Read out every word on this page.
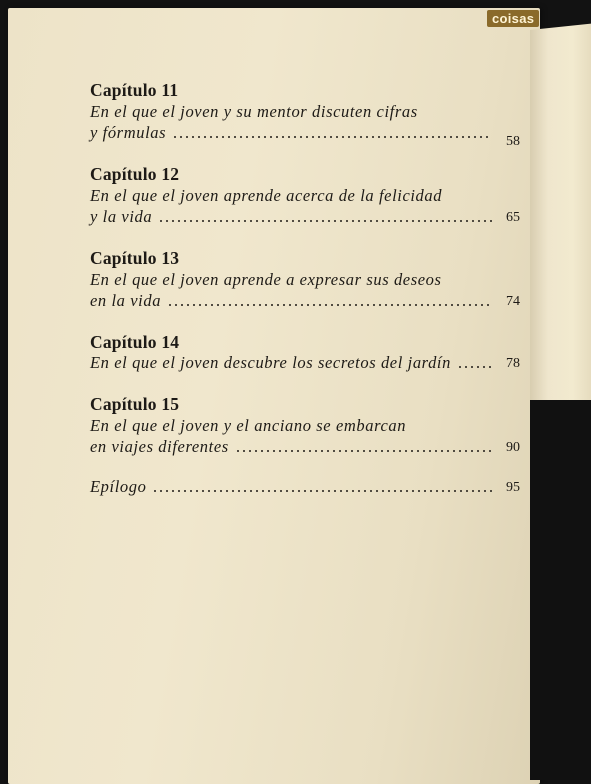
coisas
Capítulo 11
En el que el joven y su mentor discuten cifras
y fórmulas	58
Capítulo 12
En el que el joven aprende acerca de la felicidad
y la vida	65
Capítulo 13
En el que el joven aprende a expresar sus deseos
en la vida	74
Capítulo 14
En el que el joven descubre los secretos del jardín	78
Capítulo 15
En el que el joven y el anciano se embarcan
en viajes diferentes	90
Epílogo	95
